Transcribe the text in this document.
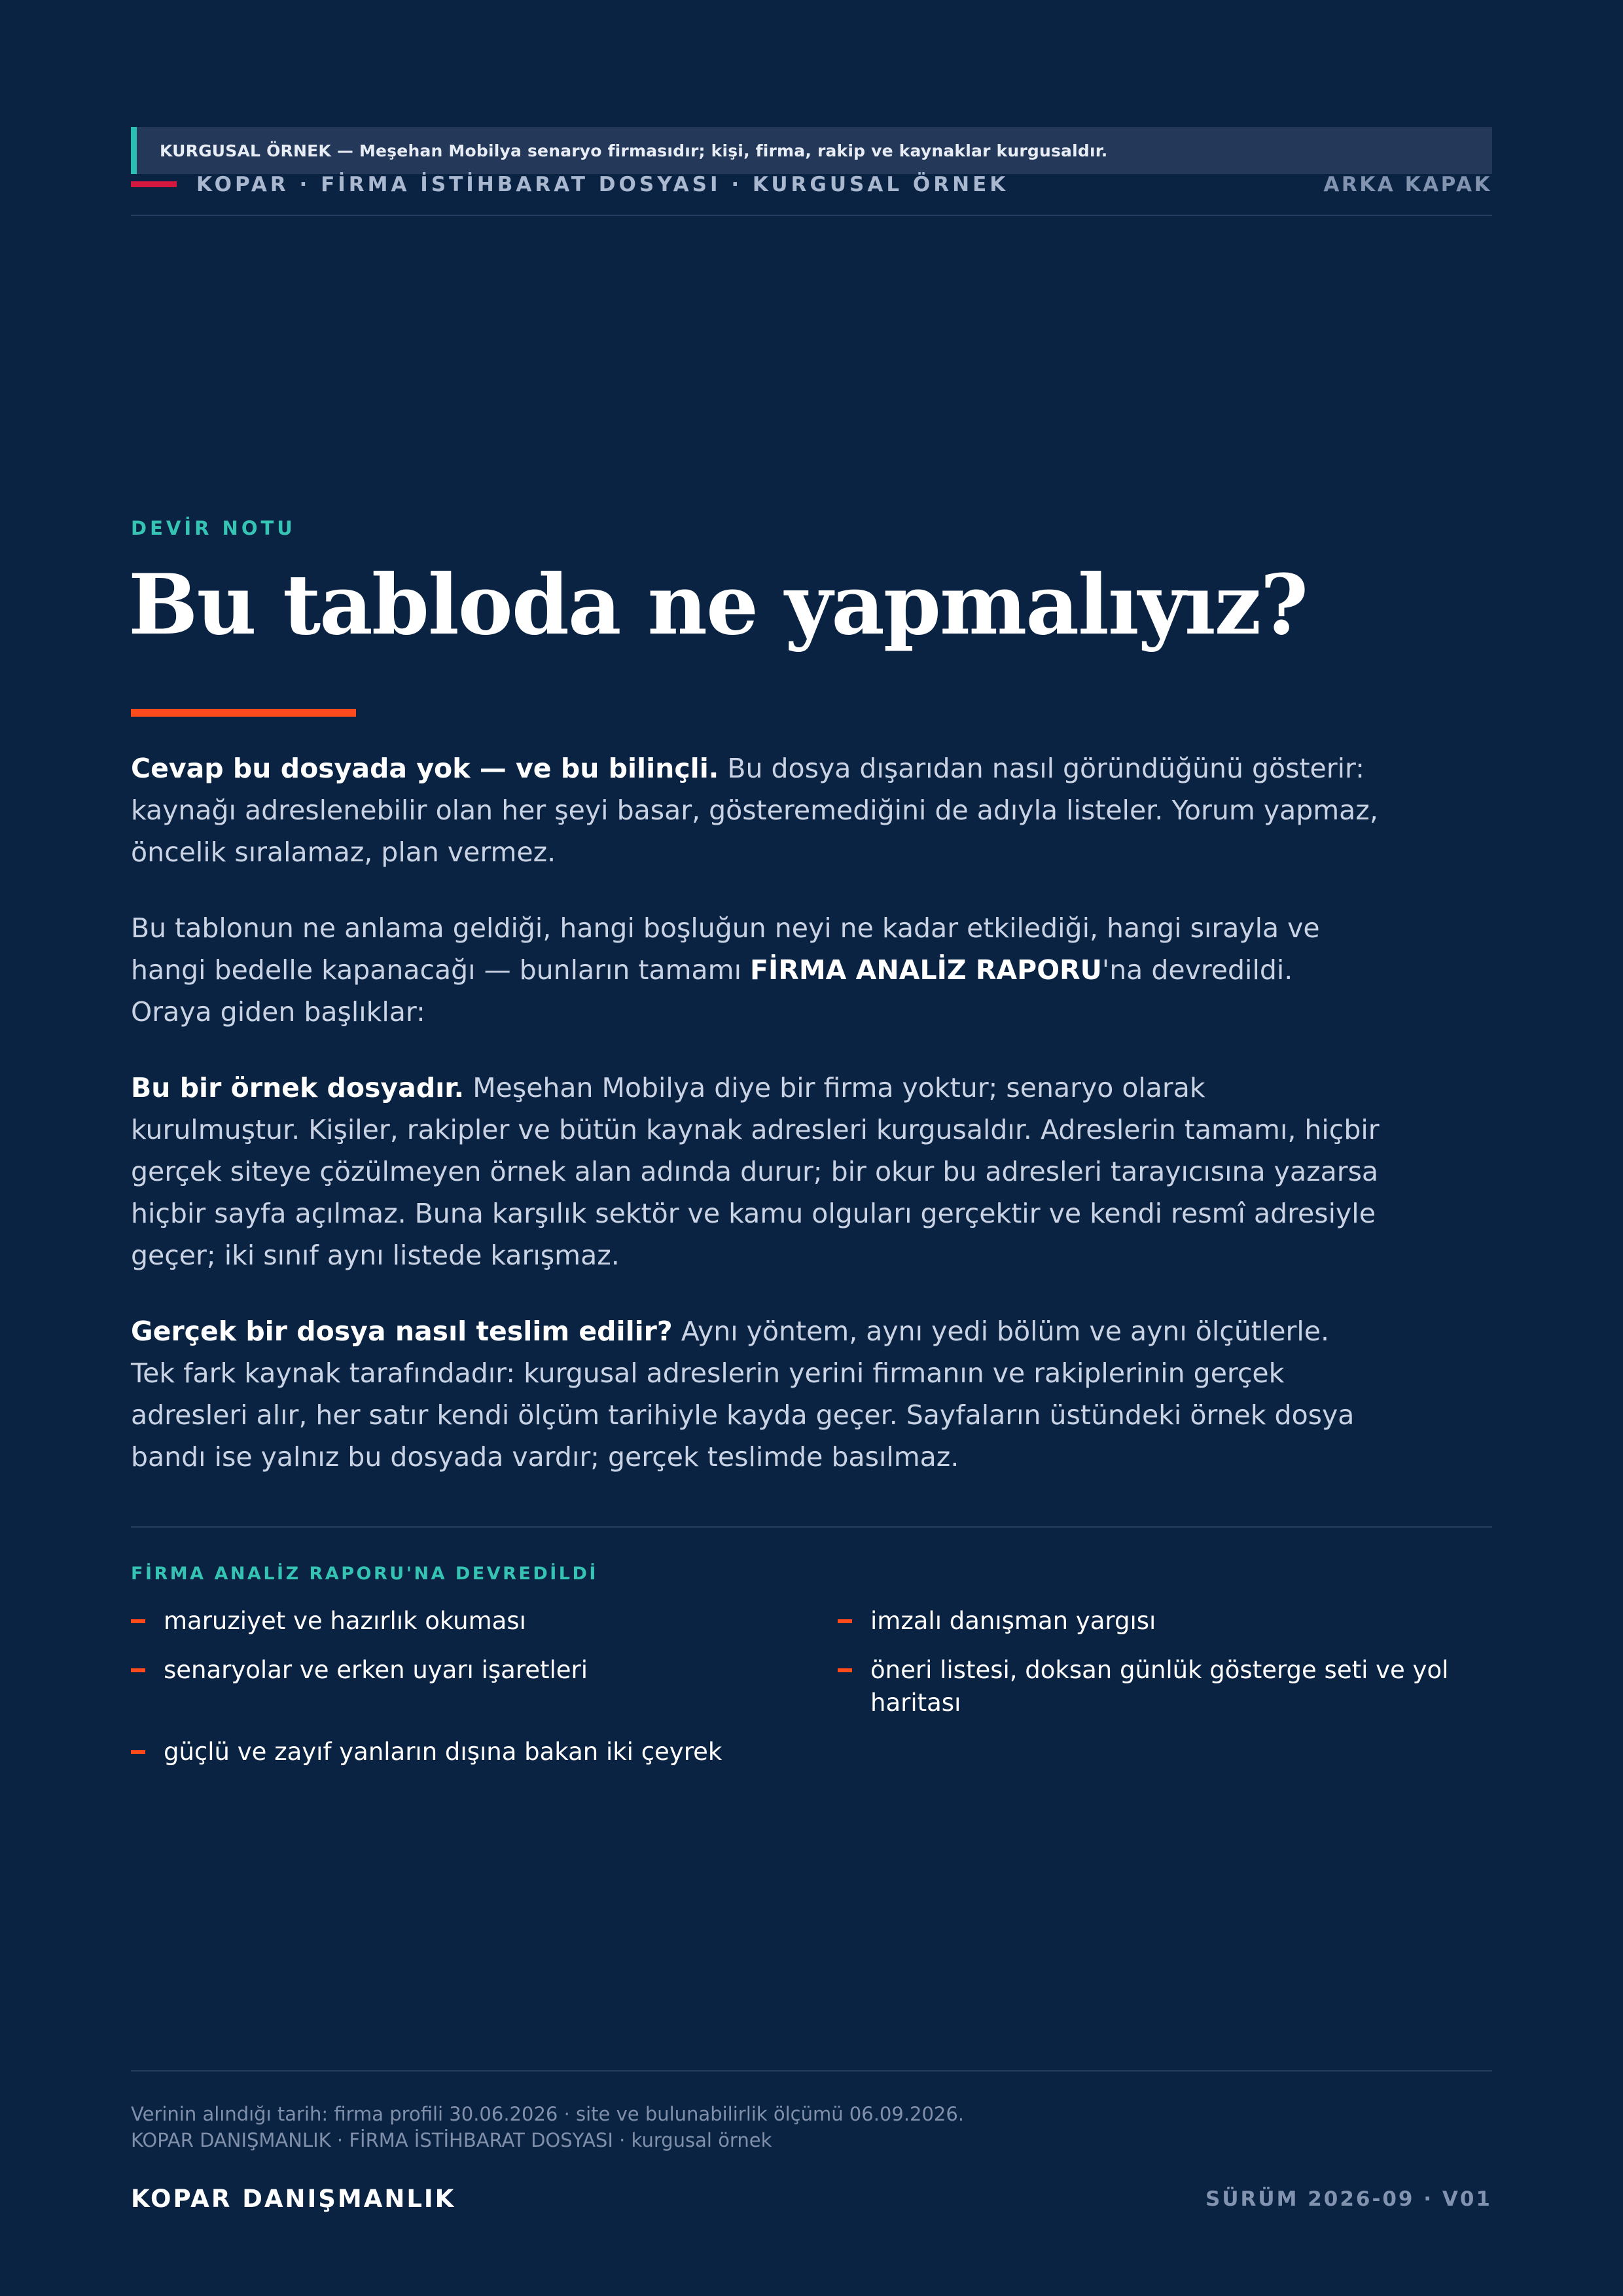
KURGUSAL ÖRNEK — Meşehan Mobilya senaryo firmasıdır; kişi, firma, rakip ve kaynaklar kurgusaldır.
KOPAR · FİRMA İSTİHBARAT DOSYASI · KURGUSAL ÖRNEK	ARKA KAPAK
DEVİR NOTU
Bu tabloda ne yapmalıyız?

Cevap bu dosyada yok — ve bu bilinçli. Bu dosya dışarıdan nasıl göründüğünü gösterir: kaynağı adreslenebilir olan her şeyi basar, gösteremediğini de adıyla listeler. Yorum yapmaz, öncelik sıralamaz, plan vermez.

Bu tablonun ne anlama geldiği, hangi boşluğun neyi ne kadar etkilediği, hangi sırayla ve hangi bedelle kapanacağı — bunların tamamı FİRMA ANALİZ RAPORU'na devredildi. Oraya giden başlıklar:

Bu bir örnek dosyadır. Meşehan Mobilya diye bir firma yoktur; senaryo olarak kurulmuştur. Kişiler, rakipler ve bütün kaynak adresleri kurgusaldır. Adreslerin tamamı, hiçbir gerçek siteye çözülmeyen örnek alan adında durur; bir okur bu adresleri tarayıcısına yazarsa hiçbir sayfa açılmaz. Buna karşılık sektör ve kamu olguları gerçektir ve kendi resmî adresiyle geçer; iki sınıf aynı listede karışmaz.

Gerçek bir dosya nasıl teslim edilir? Aynı yöntem, aynı yedi bölüm ve aynı ölçütlerle. Tek fark kaynak tarafındadır: kurgusal adreslerin yerini firmanın ve rakiplerinin gerçek adresleri alır, her satır kendi ölçüm tarihiyle kayda geçer. Sayfaların üstündeki örnek dosya bandı ise yalnız bu dosyada vardır; gerçek teslimde basılmaz.

FİRMA ANALİZ RAPORU'NA DEVREDİLDİ
maruziyet ve hazırlık okuması	imzalı danışman yargısı
senaryolar ve erken uyarı işaretleri	öneri listesi, doksan günlük gösterge seti ve yol haritası
güçlü ve zayıf yanların dışına bakan iki çeyrek
Verinin alındığı tarih: firma profili 30.06.2026 · site ve bulunabilirlik ölçümü 06.09.2026.
KOPAR DANIŞMANLIK · FİRMA İSTİHBARAT DOSYASI · kurgusal örnek
KOPAR DANIŞMANLIK	SÜRÜM 2026-09 · V01
